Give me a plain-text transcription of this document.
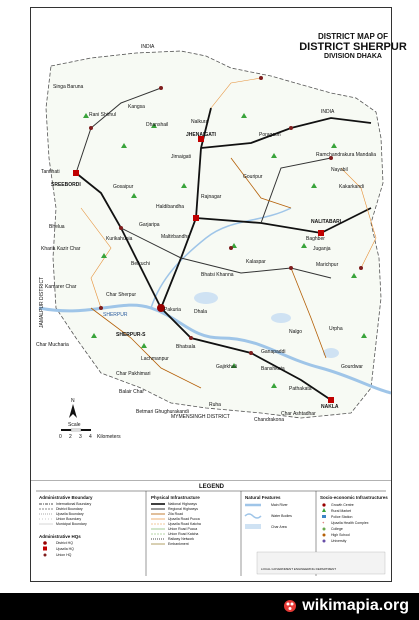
INDIA
INDIA
JAMALPUR DISTRICT
MYMENSINGH DISTRICT
Singa Baruna
Rani Shimul
Kangsa
Nalkura
JHENAIGATI
Dhanshail
Jirnaigati
Poragaon
Ramchandrakura Mandalia
Tantihati
SREEBORDI	Gosaipur
Gouripur
Nayabil
Kakarkandi
Haldibandha
Rajnagar
Bhelua	Garjaripa
Kurikahunia	Maltirbandha
NALITABARI
Baghber
Juganja
Kharia Kazir Char
Kalaspar	Marichpur
Belkuchi
Bhatsi Khanna
Kamarer Char
Char Sherpur
Pakuria	Dhala
Nalgo	Urpha
SHERPUR
SHERPUR-S
Char Mucharia	Bhatsala
Ganapaddi
Banshkata
Lachmanpur
Char Pakhimari
Gajirkhali
Balair Char
Betmari Ghughurakandi
Ruha
Chandrakona
NAKLA
Char Ashtadhar
Pathakata
Gourdwar
N
Scale
0 2 3 4 Kilometers
DISTRICT MAP OF
DISTRICT SHERPUR
DIVISION DHAKA
LEGEND
Administrative Boundary
International Boundary
District Boundary
Upazila Boundary
Union Boundary
Municipal Boundary
Administrative HQs
District HQ
Upazila HQ
Union HQ
Physical Infrastructure
National Highways
Regional Highways
Zila Road
Upazila Road Pucca
Upazila Road Katcha
Union Road Pucca
Union Road Katcha
Railway Network
Embankment
Natural Features
Main River
Water Bodies
Char Area
Socio-economic Infrastructures
Growth Centre
Rural Market
Police Station
+ Upazila Health Complex
College
High School
University
LOCAL GOVERNMENT ENGINEERING DEPARTMENT
wikimapia.org
